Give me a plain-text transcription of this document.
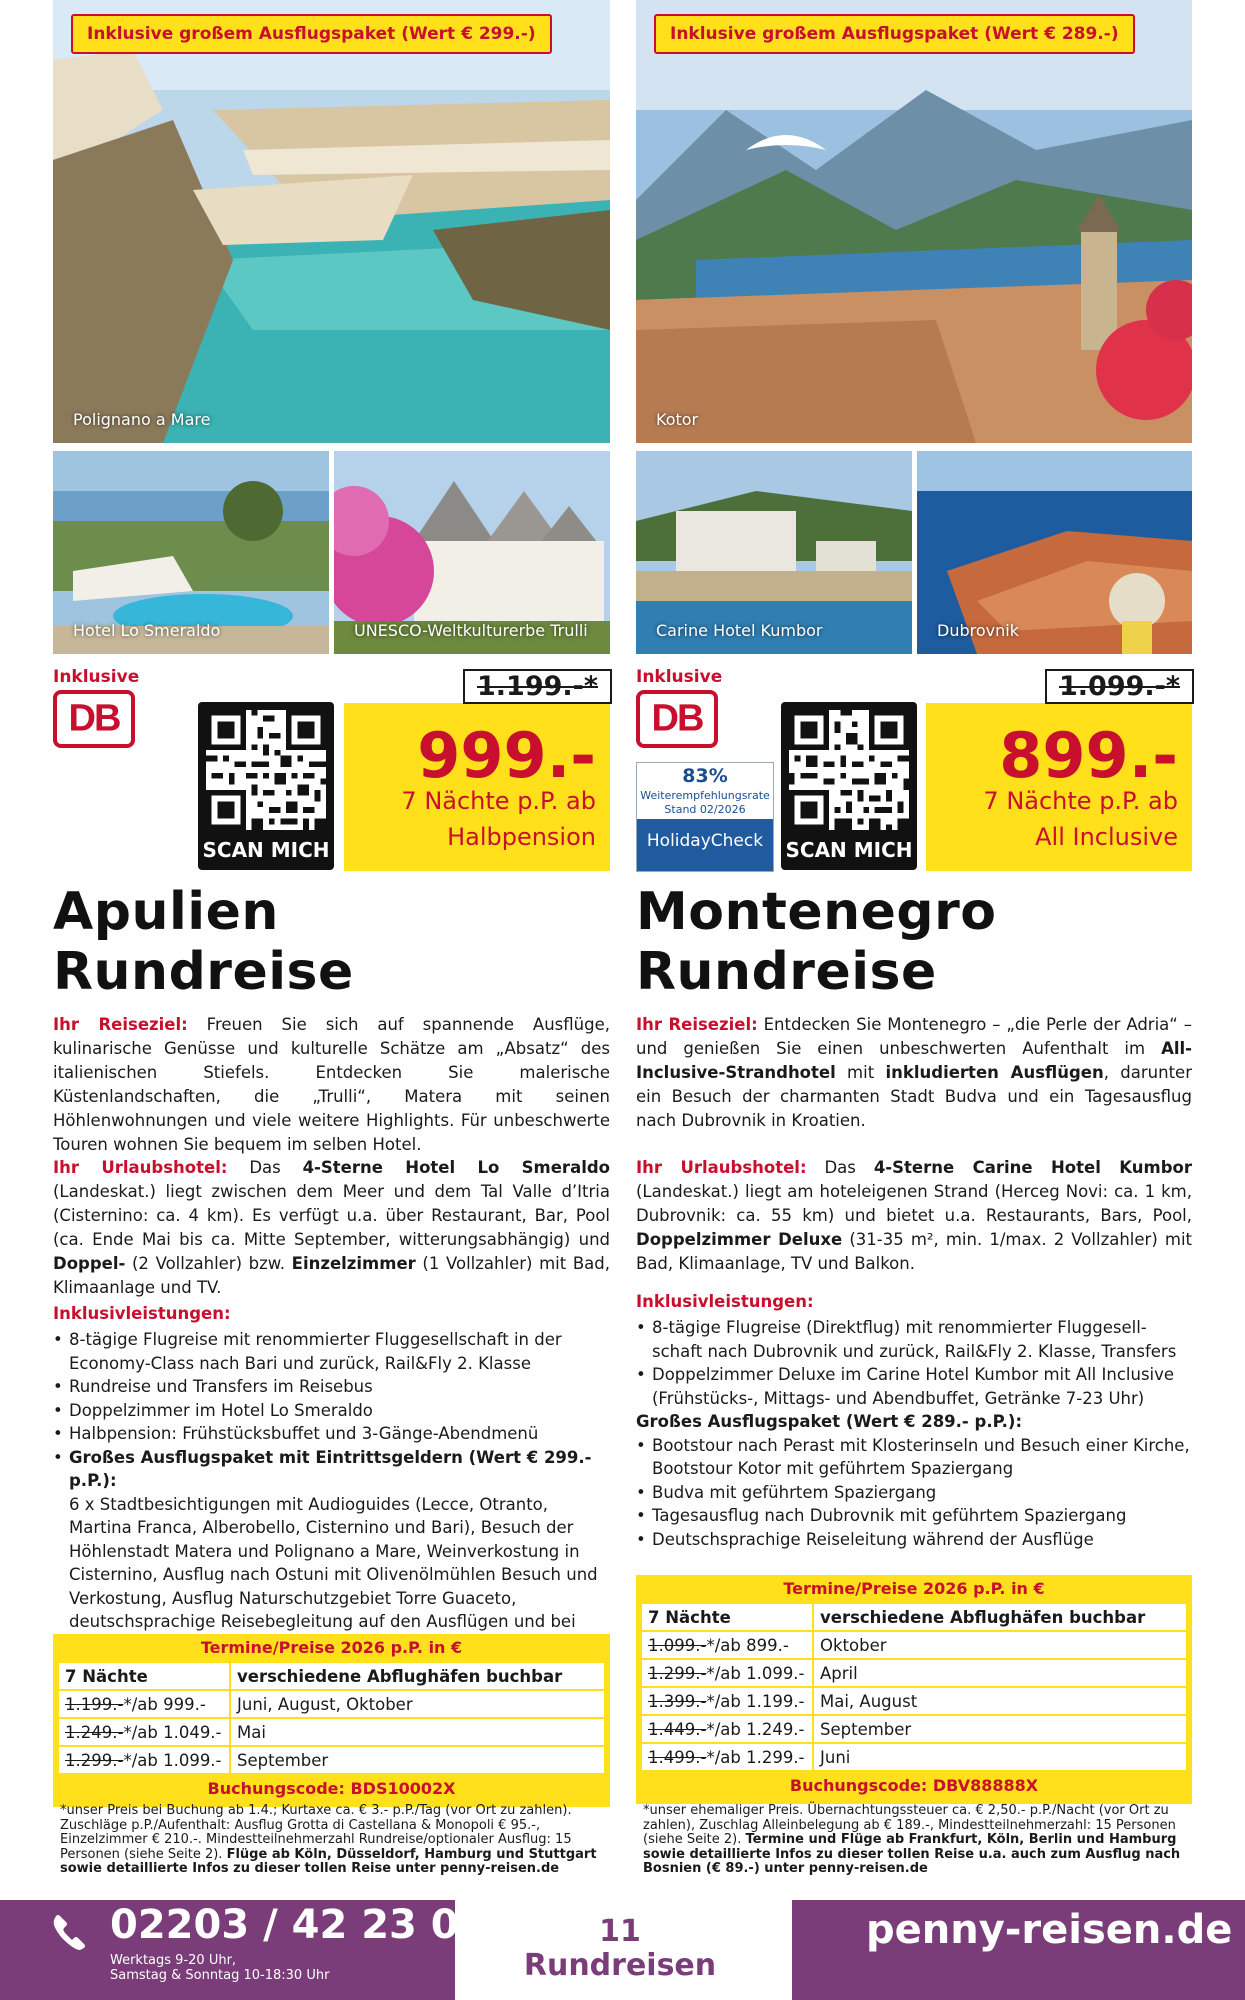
Inklusive großem Ausflugspaket (Wert € 299.-)
Polignano a Mare
Hotel Lo Smeraldo	UNESCO-Weltkulturerbe Trulli
Inklusive
DB
SCAN MICH
1.199.-*
999.-
7 Nächte p.P. ab
Halbpension
Apulien
Rundreise
Ihr Reiseziel: Freuen Sie sich auf spannende Ausflüge, kulinarische Genüsse und kulturelle Schätze am „Absatz“ des italienischen Stiefels. Entdecken Sie malerische Küstenlandschaften, die „Trulli“, Matera mit seinen Höhlenwohnungen und viele weitere Highlights. Für unbeschwerte Touren wohnen Sie bequem im selben Hotel.
Ihr Urlaubshotel: Das 4-Sterne Hotel Lo Smeraldo (Landeskat.) liegt zwischen dem Meer und dem Tal Valle d’Itria (Cisternino: ca. 4 km). Es verfügt u.a. über Restaurant, Bar, Pool (ca. Ende Mai bis ca. Mitte September, witterungsabhängig) und Doppel- (2 Vollzahler) bzw. Einzelzimmer (1 Vollzahler) mit Bad, Klimaanlage und TV.
Inklusivleistungen:
• 8-tägige Flugreise mit renommierter Fluggesellschaft in der Economy-Class nach Bari und zurück, Rail&Fly 2. Klasse
• Rundreise und Transfers im Reisebus
• Doppelzimmer im Hotel Lo Smeraldo
• Halbpension: Frühstücksbuffet und 3-Gänge-Abendmenü
• Großes Ausflugspaket mit Eintrittsgeldern (Wert € 299.- p.P.):
6 x Stadtbesichtigungen mit Audioguides (Lecce, Otranto, Martina Franca, Alberobello, Cisternino und Bari), Besuch der Höhlenstadt Matera und Polignano a Mare, Weinverkostung in Cisternino, Ausflug nach Ostuni mit Olivenölmühlen Besuch und Verkostung, Ausflug Naturschutzgebiet Torre Guaceto, deutschsprachige Reisebegleitung auf den Ausflügen und bei
Termine/Preise 2026 p.P. in €
7 Nächte	verschiedene Abflughäfen buchbar
1.199.-*/ab 999.-	Juni, August, Oktober
1.249.-*/ab 1.049.-	Mai
1.299.-*/ab 1.099.-	September
Buchungscode: BDS10002X
*unser Preis bei Buchung ab 1.4.; Kurtaxe ca. € 3.- p.P./Tag (vor Ort zu zahlen). Zuschläge p.P./Aufenthalt: Ausflug Grotta di Castellana & Monopoli € 95.-, Einzelzimmer € 210.-. Mindestteilnehmerzahl Rundreise/optionaler Ausflug: 15 Personen (siehe Seite 2). Flüge ab Köln, Düsseldorf, Hamburg und Stuttgart sowie detaillierte Infos zu dieser tollen Reise unter penny-reisen.de
Inklusive großem Ausflugspaket (Wert € 289.-)
Kotor
Carine Hotel Kumbor	Dubrovnik
Inklusive
DB
83%
Weiterempfehlungsrate
Stand 02/2026
HolidayCheck	SCAN MICH
1.099.-*
899.-
7 Nächte p.P. ab
All Inclusive
Montenegro
Rundreise
Ihr Reiseziel: Entdecken Sie Montenegro – „die Perle der Adria“ – und genießen Sie einen unbeschwerten Aufenthalt im All-Inclusive-Strandhotel mit inkludierten Ausflügen, darunter ein Besuch der charmanten Stadt Budva und ein Tagesausflug nach Dubrovnik in Kroatien.
Ihr Urlaubshotel: Das 4-Sterne Carine Hotel Kumbor (Landeskat.) liegt am hoteleigenen Strand (Herceg Novi: ca. 1 km, Dubrovnik: ca. 55 km) und bietet u.a. Restaurants, Bars, Pool, Doppelzimmer Deluxe (31-35 m², min. 1/max. 2 Vollzahler) mit Bad, Klimaanlage, TV und Balkon.
Inklusivleistungen:
• 8-tägige Flugreise (Direktflug) mit renommierter Fluggesell-schaft nach Dubrovnik und zurück, Rail&Fly 2. Klasse, Transfers
• Doppelzimmer Deluxe im Carine Hotel Kumbor mit All Inclusive (Frühstücks-, Mittags- und Abendbuffet, Getränke 7-23 Uhr)
Großes Ausflugspaket (Wert € 289.- p.P.):
• Bootstour nach Perast mit Klosterinseln und Besuch einer Kirche, Bootstour Kotor mit geführtem Spaziergang
• Budva mit geführtem Spaziergang
• Tagesausflug nach Dubrovnik mit geführtem Spaziergang
• Deutschsprachige Reiseleitung während der Ausflüge
Termine/Preise 2026 p.P. in €
7 Nächte	verschiedene Abflughäfen buchbar
1.099.-*/ab 899.-	Oktober
1.299.-*/ab 1.099.-	April
1.399.-*/ab 1.199.-	Mai, August
1.449.-*/ab 1.249.-	September
1.499.-*/ab 1.299.-	Juni
Buchungscode: DBV88888X
*unser ehemaliger Preis. Übernachtungssteuer ca. € 2,50.- p.P./Nacht (vor Ort zu zahlen), Zuschlag Alleinbelegung ab € 189.-, Mindestteilnehmerzahl: 15 Personen (siehe Seite 2). Termine und Flüge ab Frankfurt, Köln, Berlin und Hamburg sowie detaillierte Infos zu dieser tollen Reise u.a. auch zum Ausflug nach Bosnien (€ 89.-) unter penny-reisen.de
02203 / 42 23 04
Werktags 9-20 Uhr,
Samstag & Sonntag 10-18:30 Uhr
11
Rundreisen
penny-reisen.de
